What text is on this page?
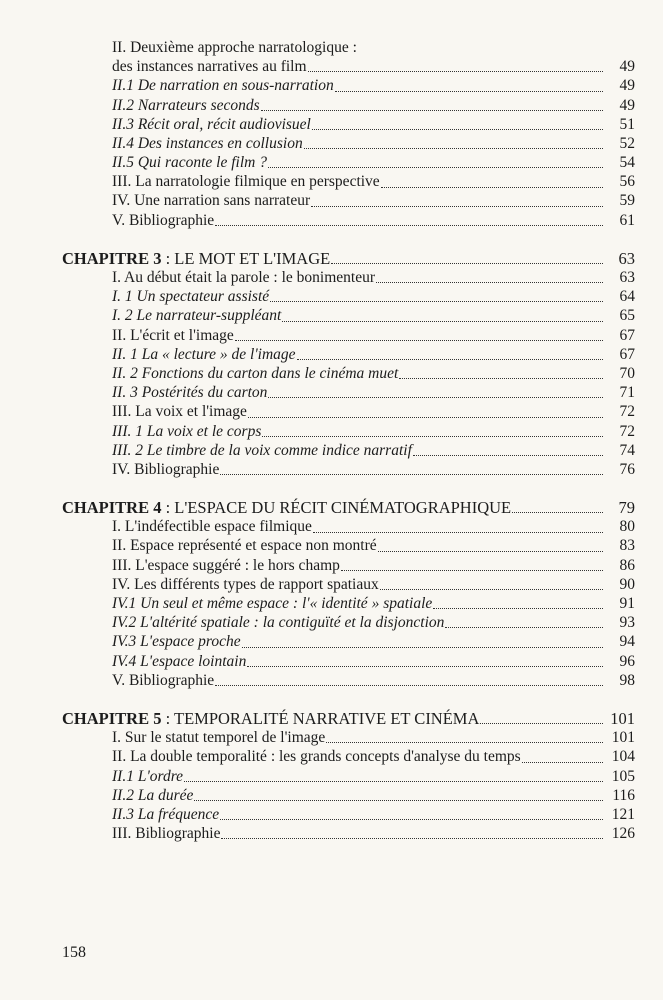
II. Deuxième approche narratologique :
des instances narratives au film	49
II.1 De narration en sous-narration	49
II.2 Narrateurs seconds	49
II.3 Récit oral, récit audiovisuel	51
II.4 Des instances en collusion	52
II.5 Qui raconte le film ?	54
III. La narratologie filmique en perspective	56
IV. Une narration sans narrateur	59
V. Bibliographie	61
CHAPITRE 3 : LE MOT ET L'IMAGE	63
I. Au début était la parole : le bonimenteur	63
I. 1 Un spectateur assisté	64
I. 2 Le narrateur-suppléant	65
II. L'écrit et l'image	67
II. 1 La « lecture » de l'image	67
II. 2 Fonctions du carton dans le cinéma muet	70
II. 3 Postérités du carton	71
III. La voix et l'image	72
III. 1 La voix et le corps	72
III. 2 Le timbre de la voix comme indice narratif	74
IV. Bibliographie	76
CHAPITRE 4 : L'ESPACE DU RÉCIT CINÉMATOGRAPHIQUE	79
I. L'indéfectible espace filmique	80
II. Espace représenté et espace non montré	83
III. L'espace suggéré : le hors champ	86
IV. Les différents types de rapport spatiaux	90
IV.1 Un seul et même espace : l'« identité » spatiale	91
IV.2 L'altérité spatiale : la contiguïté et la disjonction	93
IV.3 L'espace proche	94
IV.4 L'espace lointain	96
V. Bibliographie	98
CHAPITRE 5 : TEMPORALITÉ NARRATIVE ET CINÉMA	101
I. Sur le statut temporel de l'image	101
II. La double temporalité : les grands concepts d'analyse du temps	104
II.1 L'ordre	105
II.2 La durée	116
II.3 La fréquence	121
III. Bibliographie	126
158
